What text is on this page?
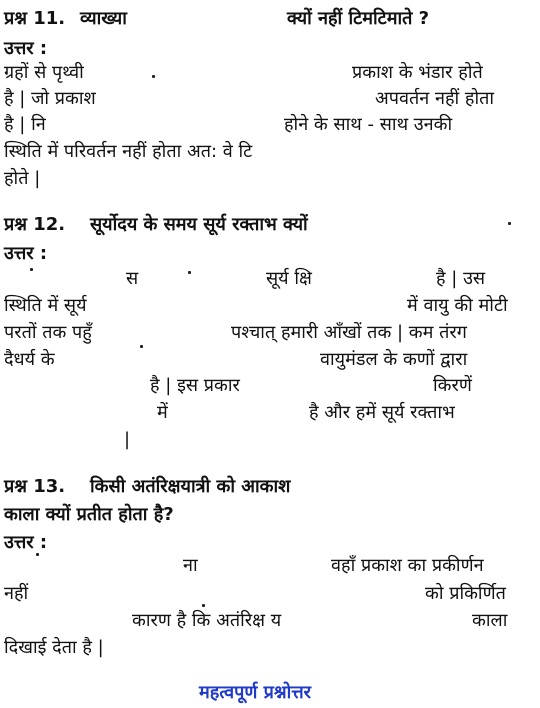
प्रश्न 11. व्याख्या	क्यों नहीं टिमटिमाते ?
उत्तर :
ग्रहों से पृथ्वी	प्रकाश के भंडार होते
है | जो प्रकाश	अपवर्तन नहीं होता
है | नि	होने के साथ - साथ उनकी
स्थिति में परिवर्तन नहीं होता अत: वे टि
होते |
प्रश्न 12. सूर्योदय के समय सूर्य रक्ताभ क्यों
उत्तर :
स	सूर्य क्षि	है | उस
स्थिति में सूर्य	में वायु की मोटी
परतों तक पहुँ	पश्चात् हमारी आँखों तक | कम तंरग
दैधर्य के	वायुमंडल के कणों द्वारा
है | इस प्रकार	किरणें
में	है और हमें सूर्य रक्ताभ
|
प्रश्न 13. किसी अतंरिक्षयात्री को आकाश
काला क्यों प्रतीत होता है?
उत्तर :
ना	वहाँ प्रकाश का प्रकीर्णन
नहीं	को प्रकिर्णित
कारण है कि अतंरिक्ष य	काला
दिखाई देता है |
महत्वपूर्ण प्रश्नोत्तर
